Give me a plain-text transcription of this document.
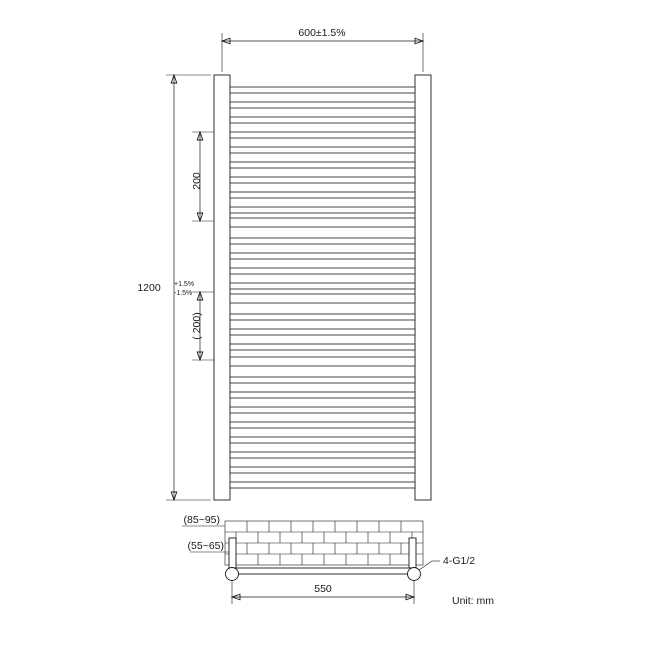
600±1.5%
1200 +1.5%
-1.5%
200
( 200)
(85~95)
(55~65)
4-G1/2
550
Unit: mm
